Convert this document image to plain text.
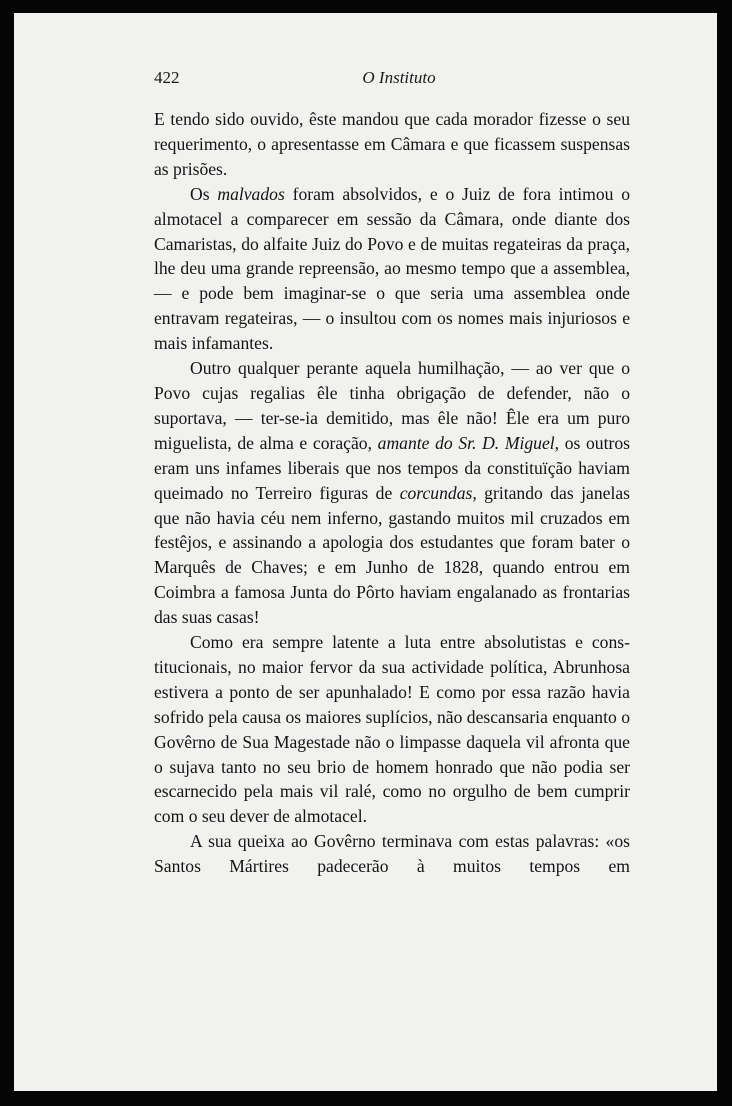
422	O Instituto

E tendo sido ouvido, êste mandou que cada morador fizesse o seu requerimento, o apresentasse em Câmara e que ficassem suspensas as prisões.

Os malvados foram absolvidos, e o Juiz de fora intimou o almotacel a comparecer em sessão da Câmara, onde diante dos Camaristas, do alfaite Juiz do Povo e de muitas regateiras da praça, lhe deu uma grande repreensão, ao mesmo tempo que a assemblea, — e pode bem imaginar-se o que seria uma assemblea onde entravam regateiras, — o insultou com os nomes mais injuriosos e mais infamantes.

Outro qualquer perante aquela humilhação, — ao ver que o Povo cujas regalias êle tinha obrigação de defender, não o suportava, — ter-se-ia demitido, mas êle não! Êle era um puro miguelista, de alma e coração, amante do Sr. D. Miguel, os outros eram uns infames liberais que nos tempos da constituïção haviam queimado no Terreiro figuras de corcundas, gritando das janelas que não havia céu nem inferno, gastando muitos mil cruzados em festêjos, e assinando a apologia dos estudantes que foram bater o Marquês de Chaves; e em Junho de 1828, quando entrou em Coimbra a famosa Junta do Pôrto haviam engalanado as frontarias das suas casas!

Como era sempre latente a luta entre absolutistas e constitucionais, no maior fervor da sua actividade política, Abrunhosa estivera a ponto de ser apunhalado! E como por essa razão havia sofrido pela causa os maiores suplícios, não descansaria enquanto o Govêrno de Sua Magestade não o limpasse daquela vil afronta que o sujava tanto no seu brio de homem honrado que não podia ser escarnecido pela mais vil ralé, como no orgulho de bem cumprir com o seu dever de almotacel.

A sua queixa ao Govêrno terminava com estas palavras: «os Santos Mártires padecerão à muitos tempos em
